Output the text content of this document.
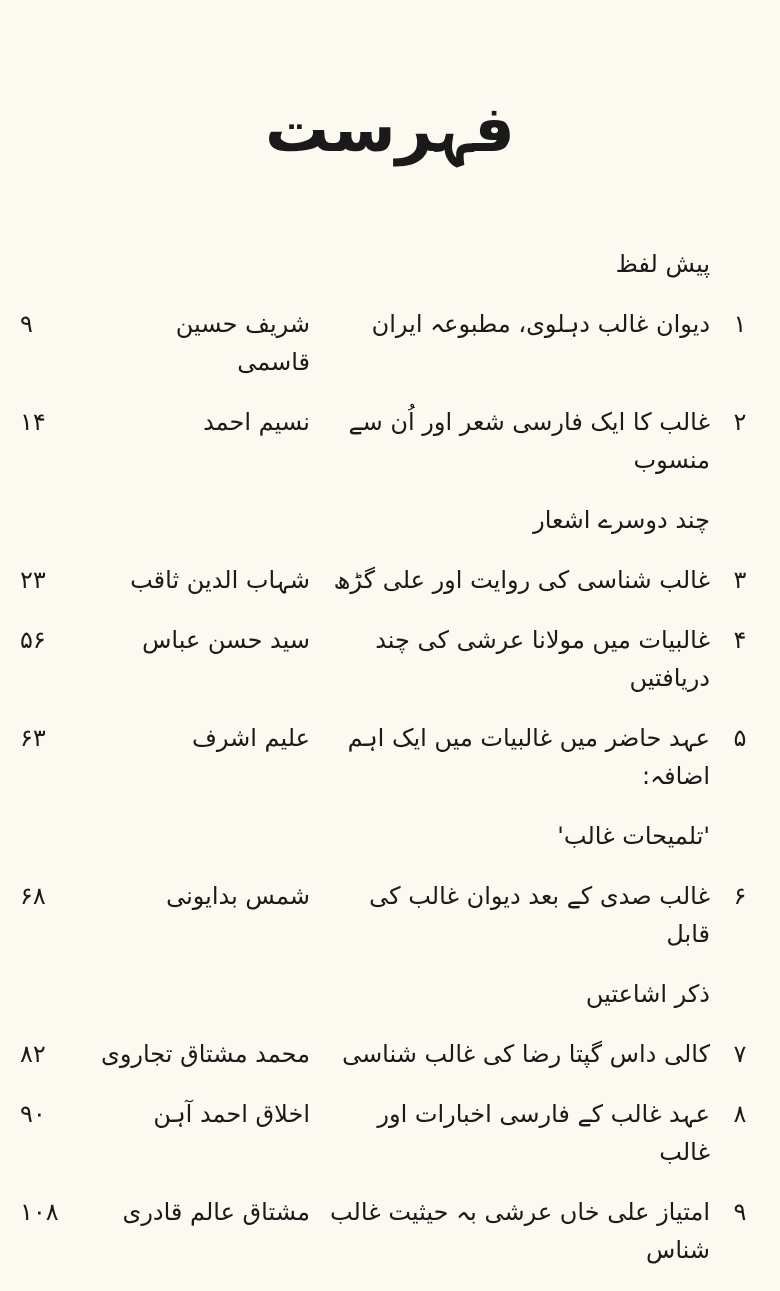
فہرست
پیش لفظ
۱
دیوان غالب دہلوی، مطبوعہ ایران
شریف حسین قاسمی
۹
۲
غالب کا ایک فارسی شعر اور اُن سے منسوب
چند دوسرے اشعار
نسیم احمد
۱۴
۳
غالب شناسی کی روایت اور علی گڑھ
شہاب الدین ثاقب
۲۳
۴
غالبیات میں مولانا عرشی کی چند دریافتیں
سید حسن عباس
۵۶
۵
عہد حاضر میں غالبیات میں ایک اہم اضافہ:
'تلمیحات غالب'
علیم اشرف
۶۳
۶
غالب صدی کے بعد دیوان غالب کی قابل
ذکر اشاعتیں
شمس بدایونی
۶۸
۷
کالی داس گپتا رضا کی غالب شناسی
محمد مشتاق تجاروی
۸۲
۸
عہد غالب کے فارسی اخبارات اور غالب
اخلاق احمد آہن
۹۰
۹
امتیاز علی خاں عرشی بہ حیثیت غالب شناس
مشتاق عالم قادری
۱۰۸
